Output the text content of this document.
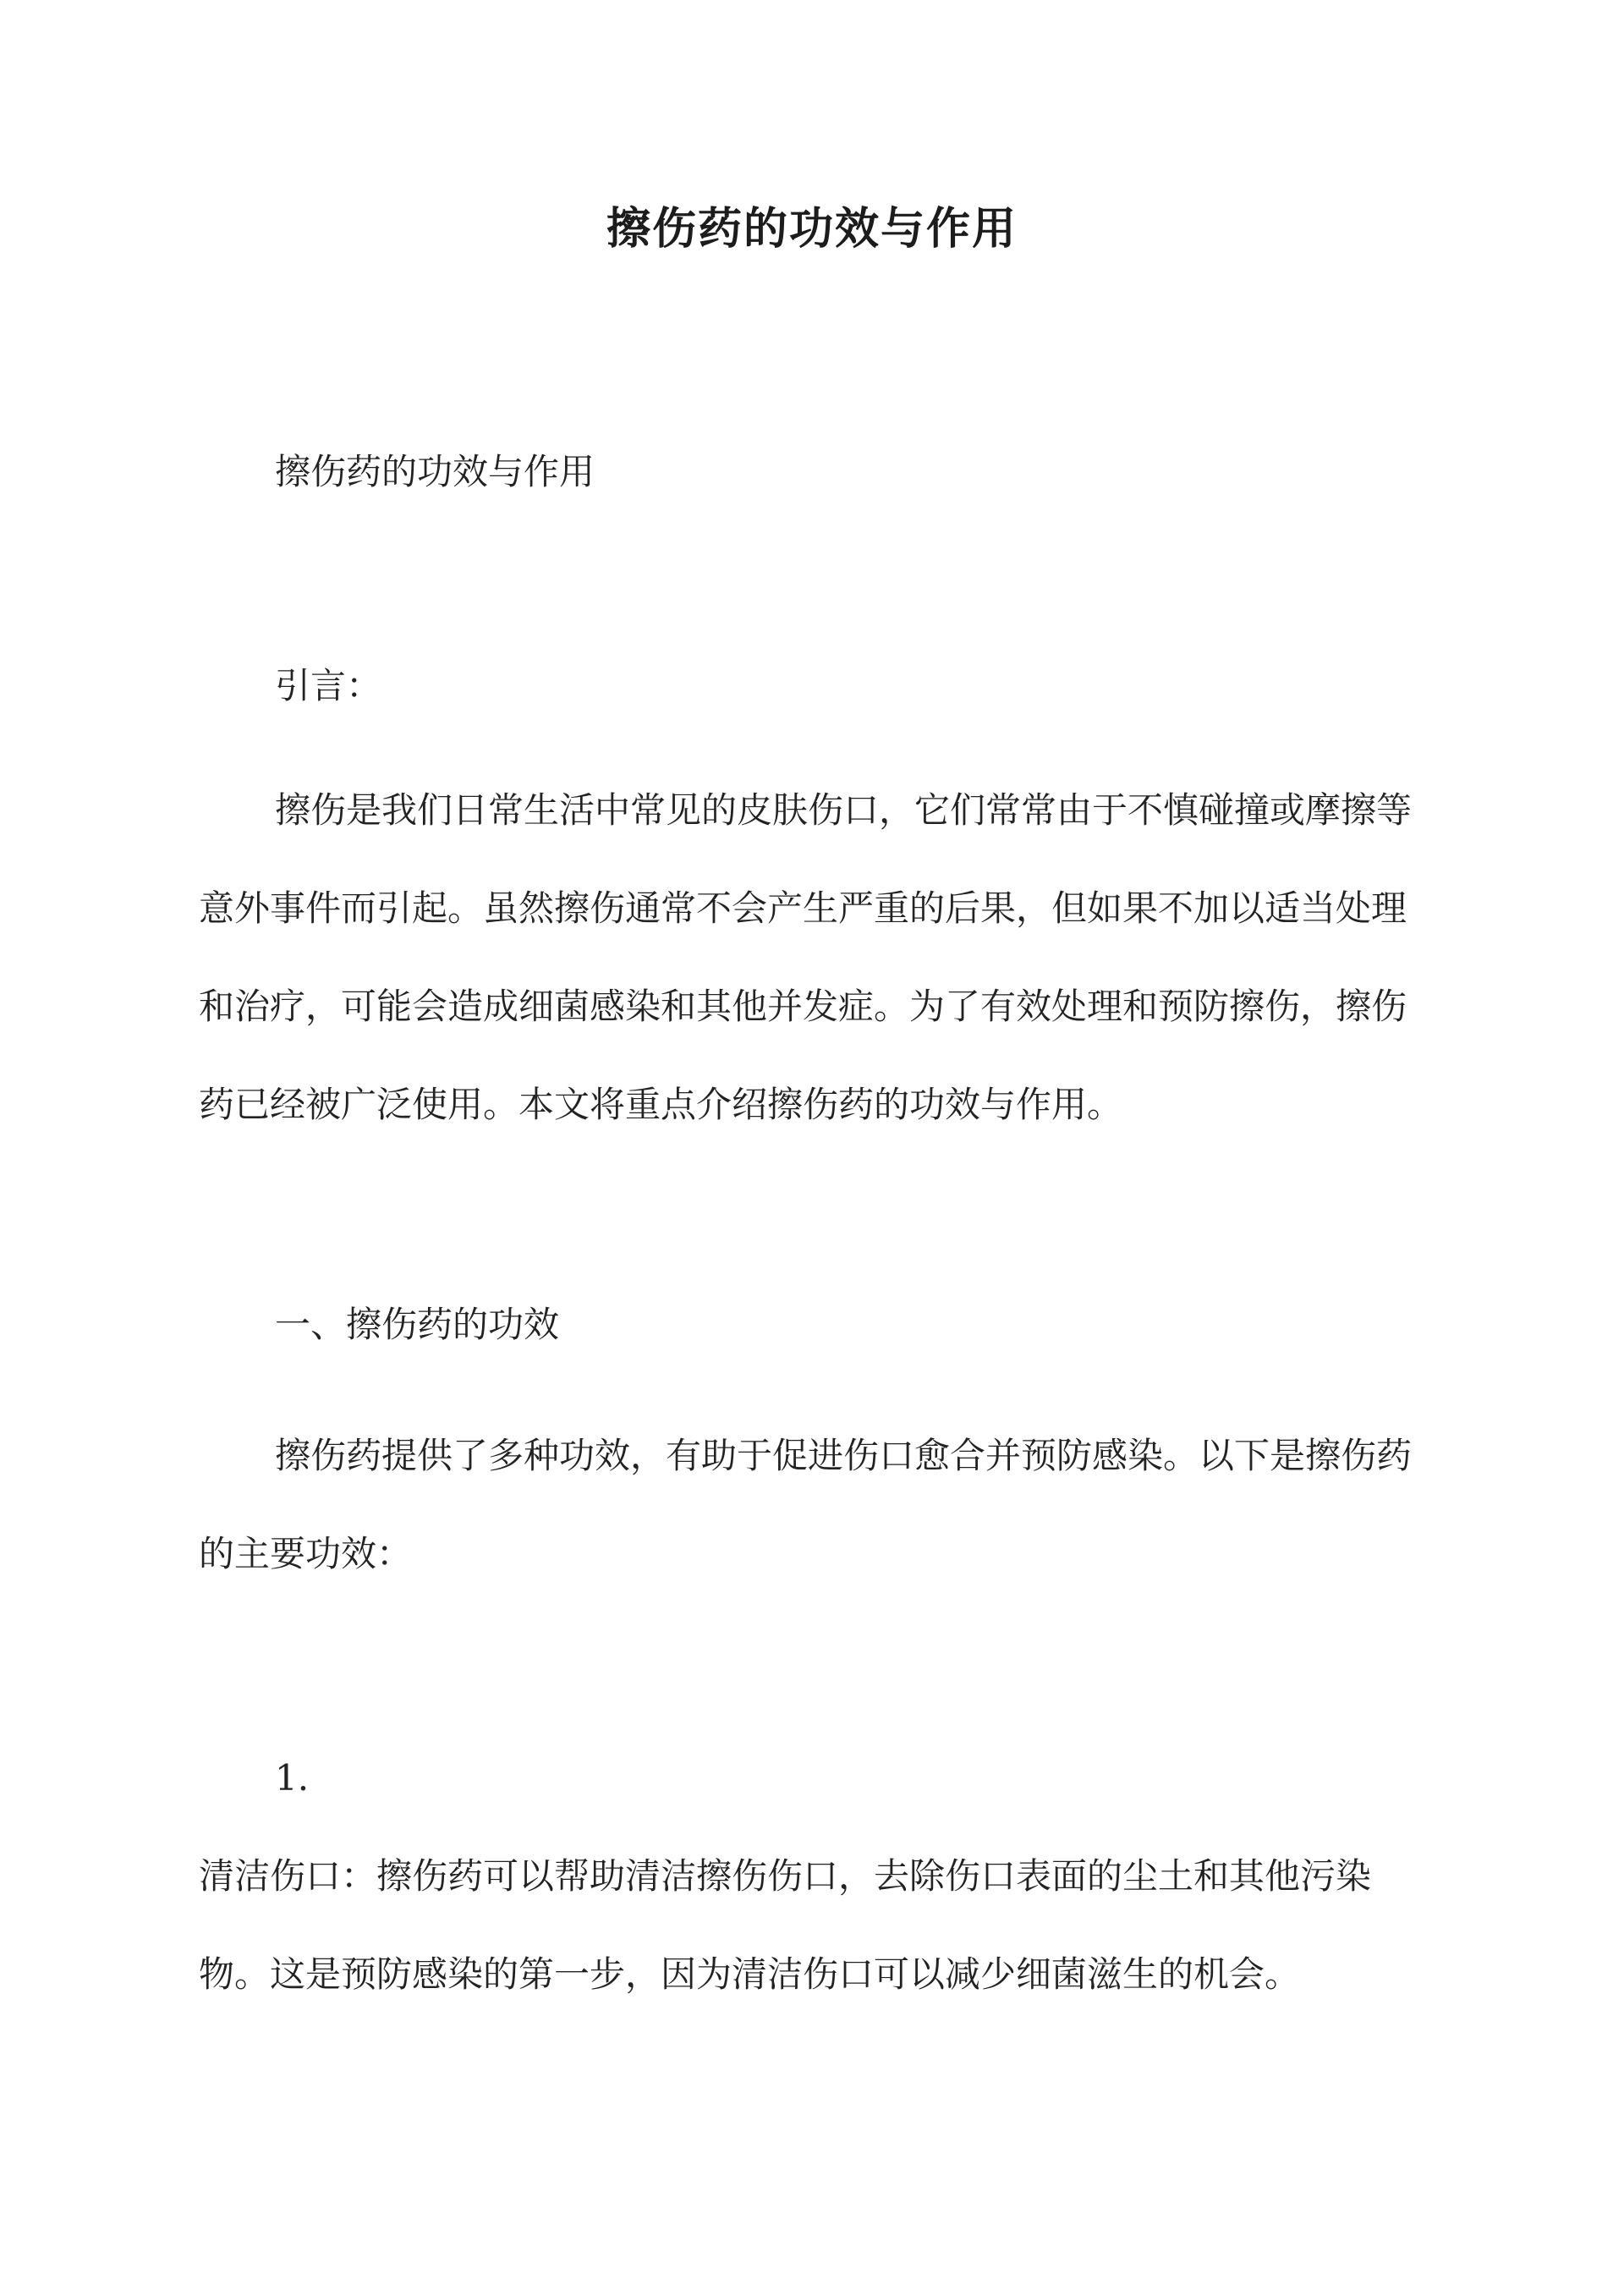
擦伤药的功效与作用

擦伤药的功效与作用

引言：

擦伤是我们日常生活中常见的皮肤伤口，它们常常由于不慎碰撞或摩擦等意外事件而引起。虽然擦伤通常不会产生严重的后果，但如果不加以适当处理和治疗，可能会造成细菌感染和其他并发症。为了有效处理和预防擦伤，擦伤药已经被广泛使用。本文将重点介绍擦伤药的功效与作用。

一、擦伤药的功效

擦伤药提供了多种功效，有助于促进伤口愈合并预防感染。以下是擦伤药的主要功效：

1.

清洁伤口：擦伤药可以帮助清洁擦伤伤口，去除伤口表面的尘土和其他污染物。这是预防感染的第一步，因为清洁伤口可以减少细菌滋生的机会。
